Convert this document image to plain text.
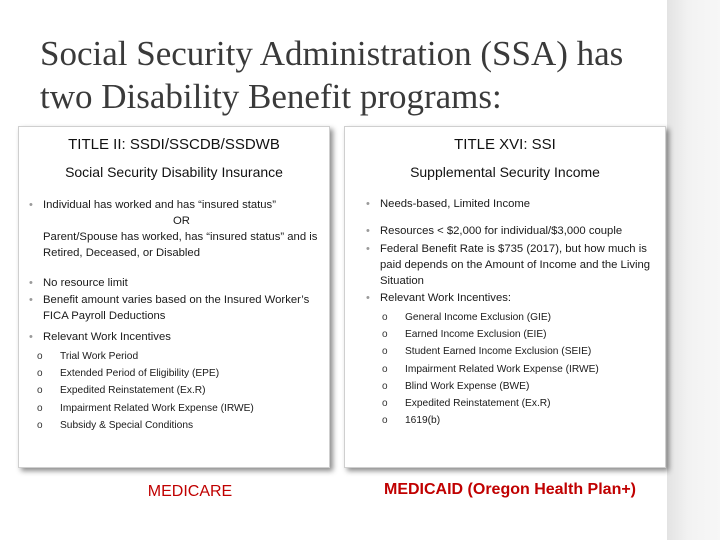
Social Security Administration (SSA) has two Disability Benefit programs:
TITLE II: SSDI/SSCDB/SSDWB
Social Security Disability Insurance
• Individual has worked and has “insured status”
OR
Parent/Spouse has worked, has “insured status” and is Retired, Deceased, or Disabled
• No resource limit
• Benefit amount varies based on the Insured Worker’s FICA Payroll Deductions
• Relevant Work Incentives
o Trial Work Period
o Extended Period of Eligibility (EPE)
o Expedited Reinstatement (Ex.R)
o Impairment Related Work Expense (IRWE)
o Subsidy & Special Conditions
TITLE XVI: SSI
Supplemental Security Income
• Needs-based, Limited Income
• Resources < $2,000 for individual/$3,000 couple
• Federal Benefit Rate is $735 (2017), but how much is paid depends on the Amount of Income and the Living Situation
• Relevant Work Incentives:
o General Income Exclusion (GIE)
o Earned Income Exclusion (EIE)
o Student Earned Income Exclusion (SEIE)
o Impairment Related Work Expense (IRWE)
o Blind Work Expense (BWE)
o Expedited Reinstatement (Ex.R)
o 1619(b)
MEDICARE	MEDICAID (Oregon Health Plan+)
